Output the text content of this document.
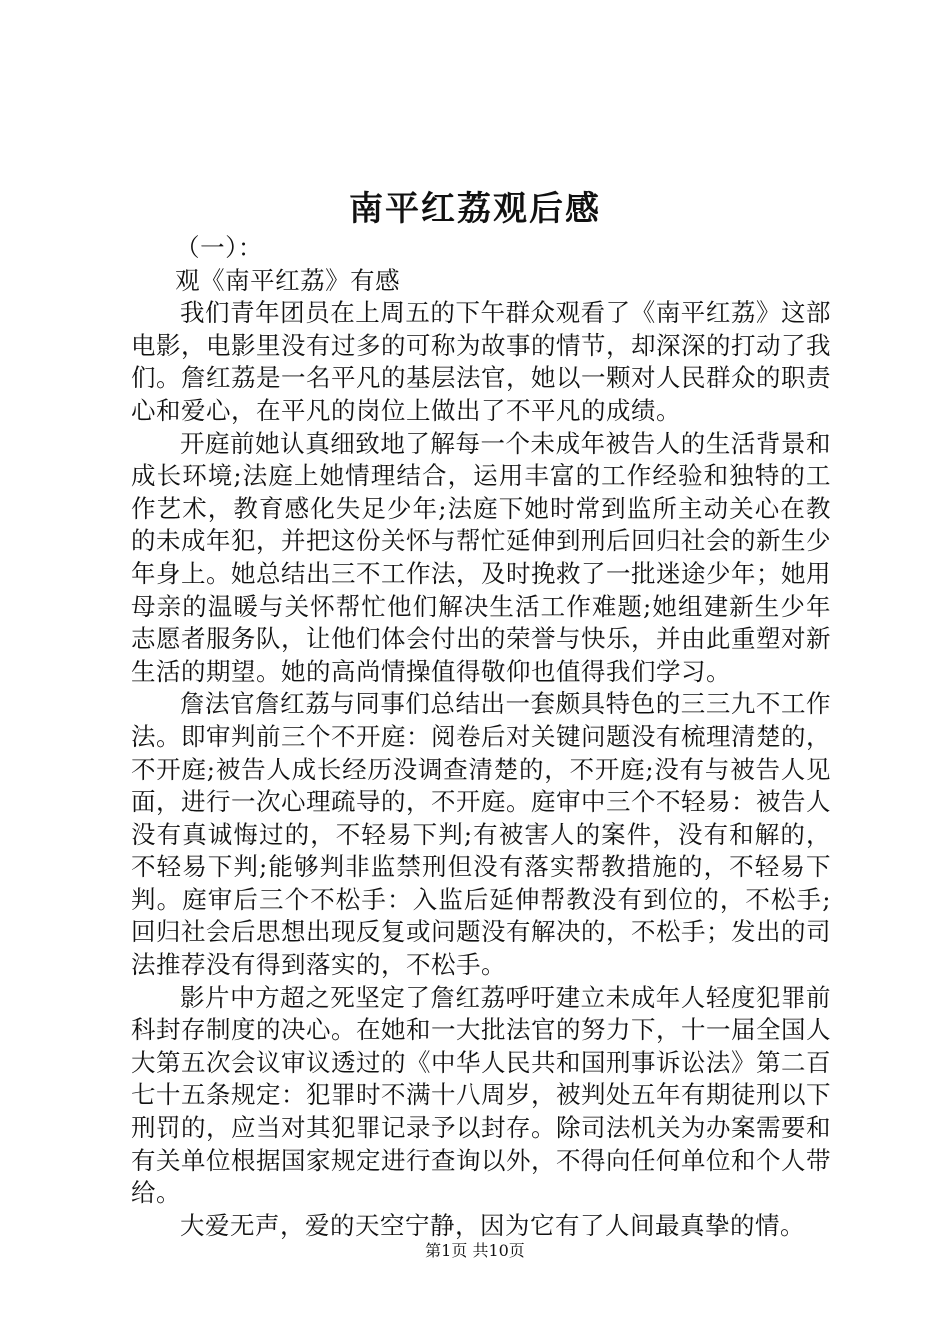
南平红荔观后感

（一）：

观《南平红荔》有感

我们青年团员在上周五的下午群众观看了《南平红荔》这部电影，电影里没有过多的可称为故事的情节，却深深的打动了我们。詹红荔是一名平凡的基层法官，她以一颗对人民群众的职责心和爱心，在平凡的岗位上做出了不平凡的成绩。

开庭前她认真细致地了解每一个未成年被告人的生活背景和成长环境;法庭上她情理结合，运用丰富的工作经验和独特的工作艺术，教育感化失足少年;法庭下她时常到监所主动关心在教的未成年犯，并把这份关怀与帮忙延伸到刑后回归社会的新生少年身上。她总结出三不工作法，及时挽救了一批迷途少年；她用母亲的温暖与关怀帮忙他们解决生活工作难题;她组建新生少年志愿者服务队，让他们体会付出的荣誉与快乐，并由此重塑对新生活的期望。她的高尚情操值得敬仰也值得我们学习。

詹法官詹红荔与同事们总结出一套颇具特色的三三九不工作法。即审判前三个不开庭：阅卷后对关键问题没有梳理清楚的，不开庭;被告人成长经历没调查清楚的，不开庭;没有与被告人见面，进行一次心理疏导的，不开庭。庭审中三个不轻易：被告人没有真诚悔过的，不轻易下判;有被害人的案件，没有和解的，不轻易下判;能够判非监禁刑但没有落实帮教措施的，不轻易下判。庭审后三个不松手：入监后延伸帮教没有到位的，不松手;回归社会后思想出现反复或问题没有解决的，不松手；发出的司法推荐没有得到落实的，不松手。

影片中方超之死坚定了詹红荔呼吁建立未成年人轻度犯罪前科封存制度的决心。在她和一大批法官的努力下，十一届全国人大第五次会议审议透过的《中华人民共和国刑事诉讼法》第二百七十五条规定：犯罪时不满十八周岁，被判处五年有期徒刑以下刑罚的，应当对其犯罪记录予以封存。除司法机关为办案需要和有关单位根据国家规定进行查询以外，不得向任何单位和个人带给。

大爱无声，爱的天空宁静，因为它有了人间最真挚的情。

第1页 共10页
